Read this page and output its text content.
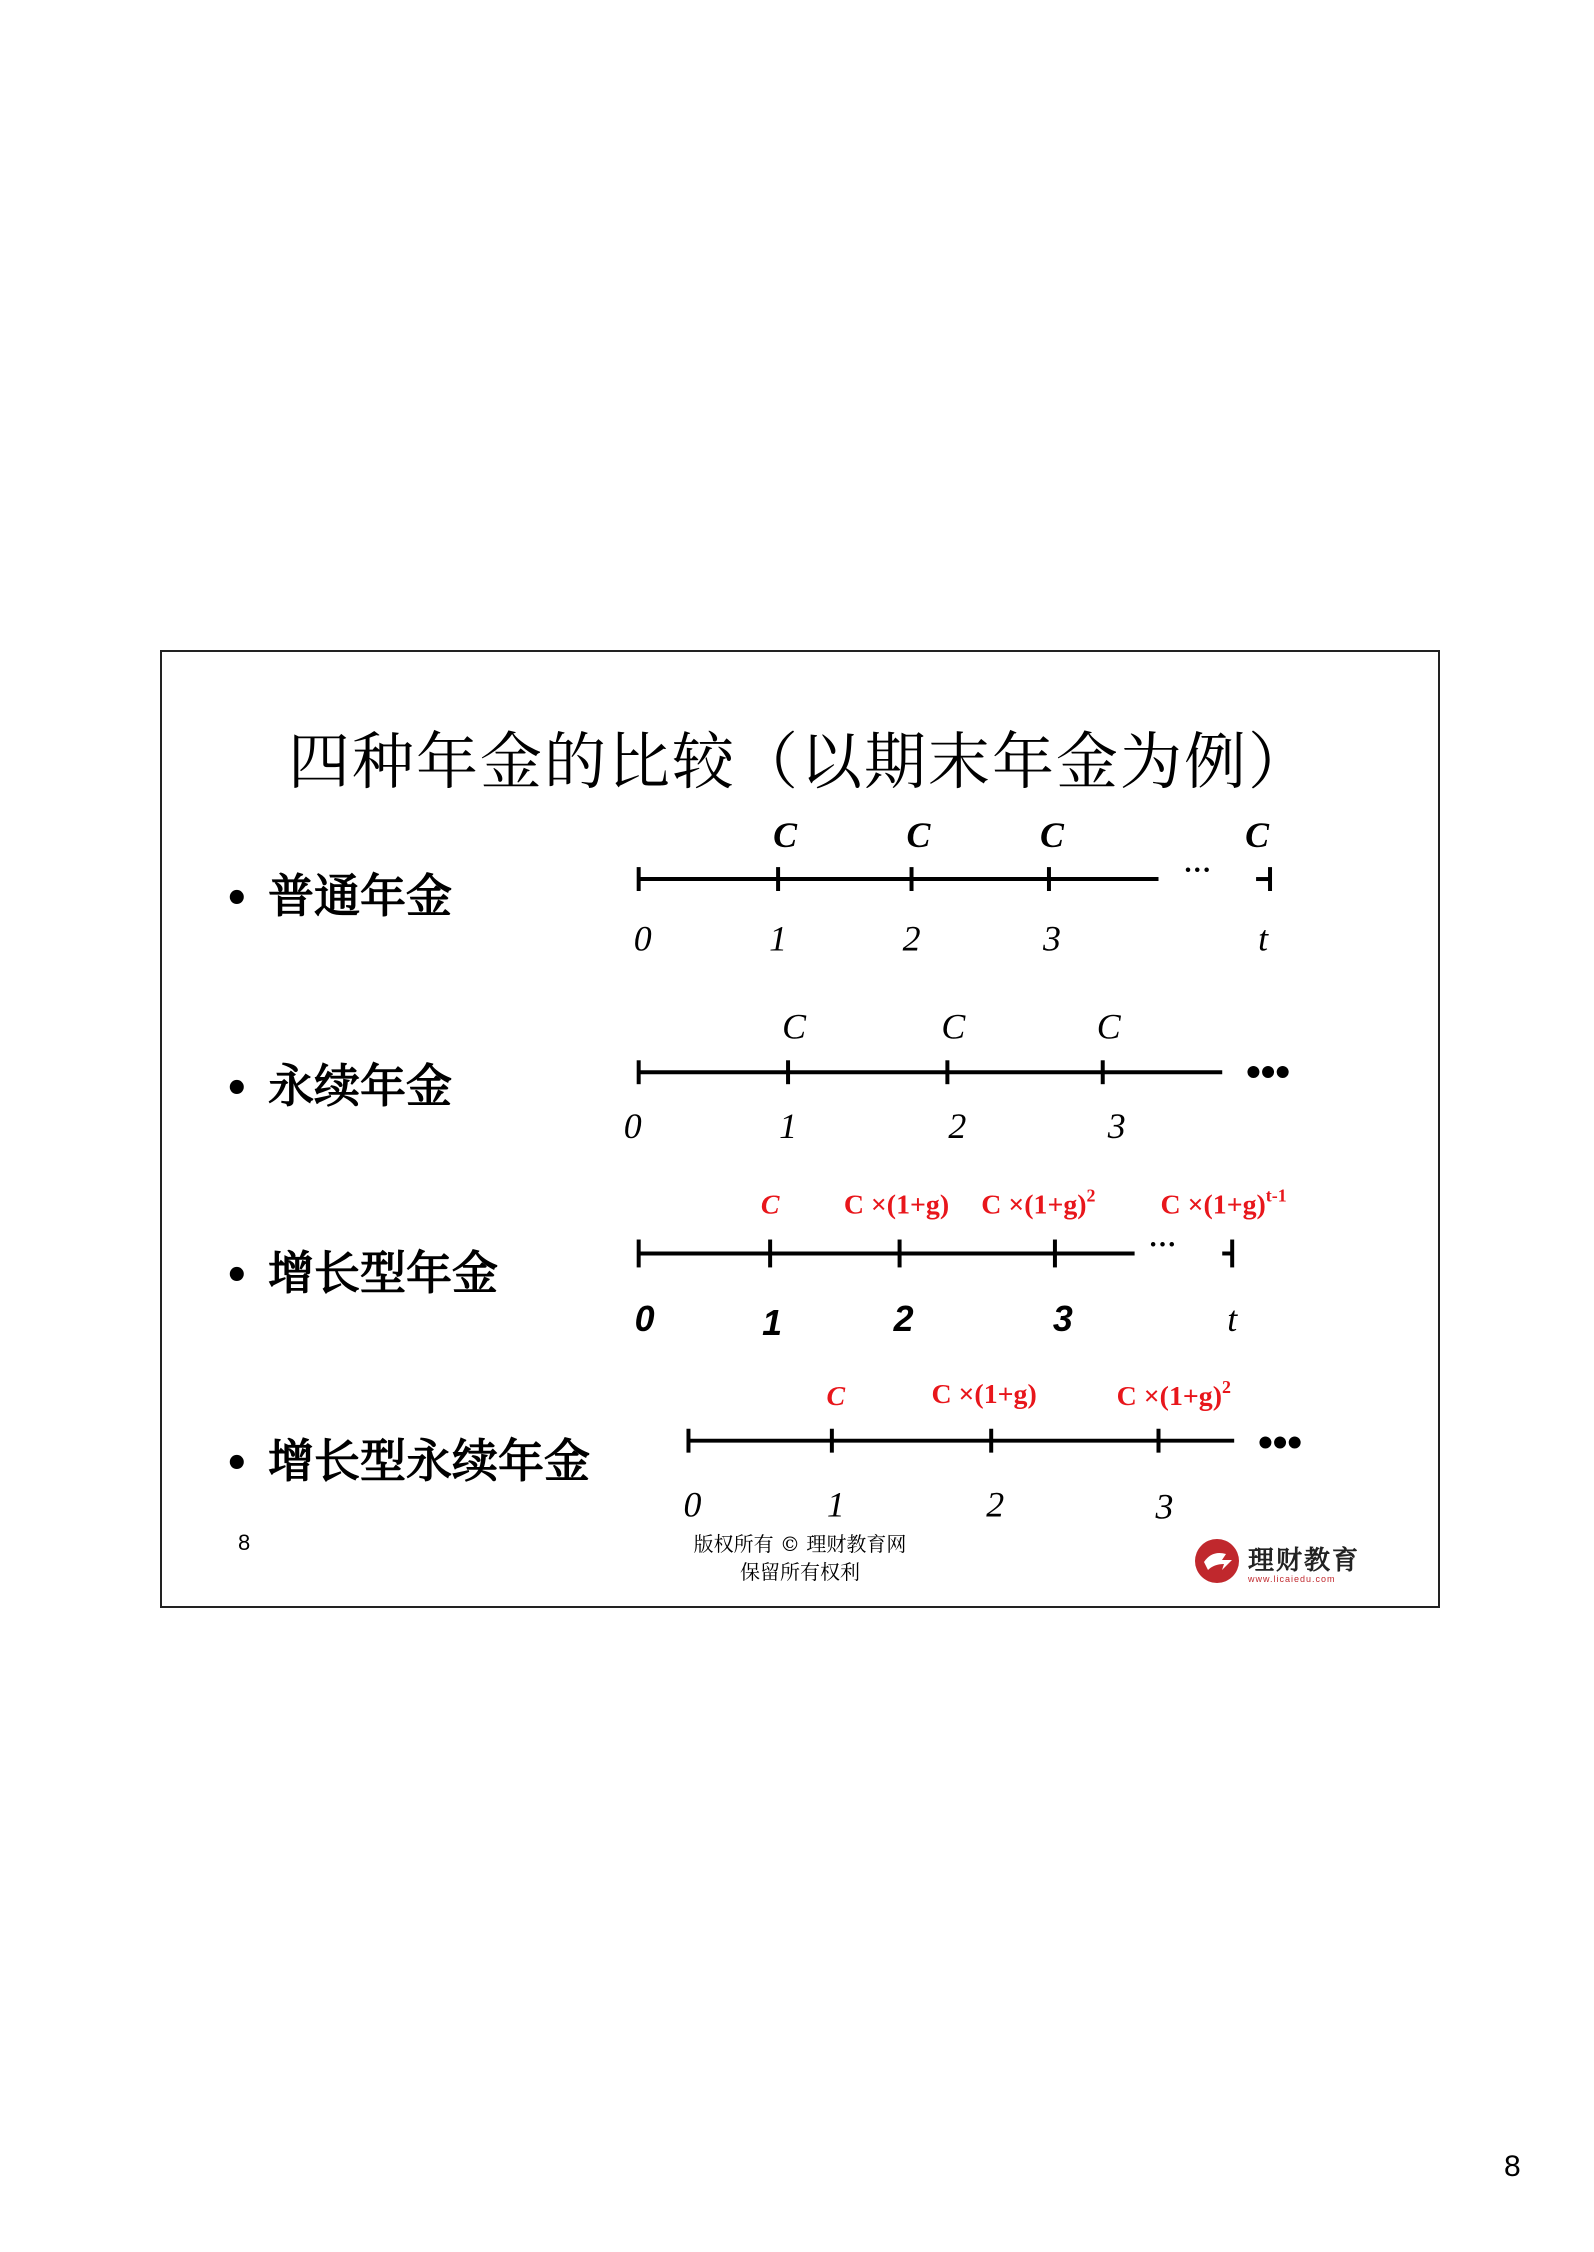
四种年金的比较（以期末年金为例）
• 普通年金
• 永续年金
• 增长型年金
• 增长型永续年金
···
C	C	C	C
0	1	2	3	t
•••
C	C	C
0	1	2	3
···
C C ×(1+g) $C \times(1+g)^2$ $C \times(1+g)^{t-1}$
0	1	2	3	t
•••
C	C ×(1+g)	$C \times(1+g)^2$
0	1	2	3
8	版权所有 © 理财教育网
保留所有权利	理财教育
www.licaiedu.com
8
